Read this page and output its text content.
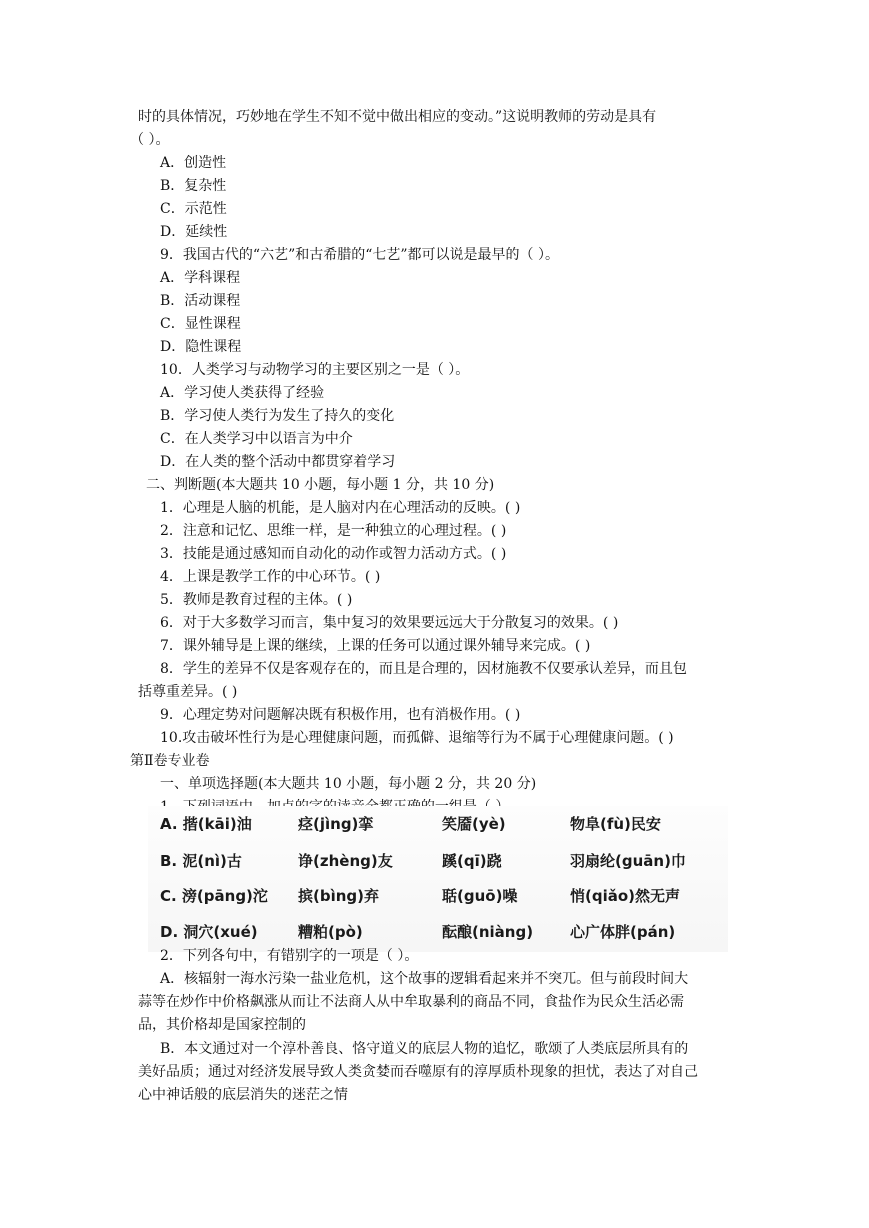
时的具体情况，巧妙地在学生不知不觉中做出相应的变动。”这说明教师的劳动是具有
（ ）。
A．创造性
B．复杂性
C．示范性
D．延续性
9．我国古代的“六艺”和古希腊的“七艺”都可以说是最早的（ ）。
A．学科课程
B．活动课程
C．显性课程
D．隐性课程
10．人类学习与动物学习的主要区别之一是（ ）。
A．学习使人类获得了经验
B．学习使人类行为发生了持久的变化
C．在人类学习中以语言为中介
D．在人类的整个活动中都贯穿着学习
二、判断题(本大题共 10 小题，每小题 1 分，共 10 分)
1．心理是人脑的机能，是人脑对内在心理活动的反映。( )
2．注意和记忆、思维一样，是一种独立的心理过程。( )
3．技能是通过感知而自动化的动作或智力活动方式。( )
4．上课是教学工作的中心环节。( )
5．教师是教育过程的主体。( )
6．对于大多数学习而言，集中复习的效果要远远大于分散复习的效果。( )
7．课外辅导是上课的继续，上课的任务可以通过课外辅导来完成。( )
8．学生的差异不仅是客观存在的，而且是合理的，因材施教不仅要承认差异，而且包
括尊重差异。( )
9．心理定势对问题解决既有积极作用，也有消极作用。( )
10.攻击破坏性行为是心理健康问题，而孤僻、退缩等行为不属于心理健康问题。( )
第Ⅱ卷专业卷
一、单项选择题(本大题共 10 小题，每小题 2 分，共 20 分)
A. 揩(kāi)油	痉(jìng)挛	笑靥(yè)	物阜(fù)民安
B. 泥(nì)古	诤(zhèng)友	蹊(qī)跷	羽扇纶(guān)巾
C. 滂(pāng)沱 摈(bìng)弃	聒(guō)噪	悄(qiǎo)然无声
D. 洞穴(xué)	糟粕(pò)	酝酿(niàng) 心广体胖(pán)
2．下列各句中，有错别字的一项是（ ）。
A．核辐射一海水污染一盐业危机，这个故事的逻辑看起来并不突兀。但与前段时间大
蒜等在炒作中价格飙涨从而让不法商人从中牟取暴利的商品不同，食盐作为民众生活必需
品，其价格却是国家控制的
B．本文通过对一个淳朴善良、恪守道义的底层人物的追忆，歌颂了人类底层所具有的
美好品质；通过对经济发展导致人类贪婪而吞噬原有的淳厚质朴现象的担忧，表达了对自己
心中神话般的底层消失的迷茫之情
